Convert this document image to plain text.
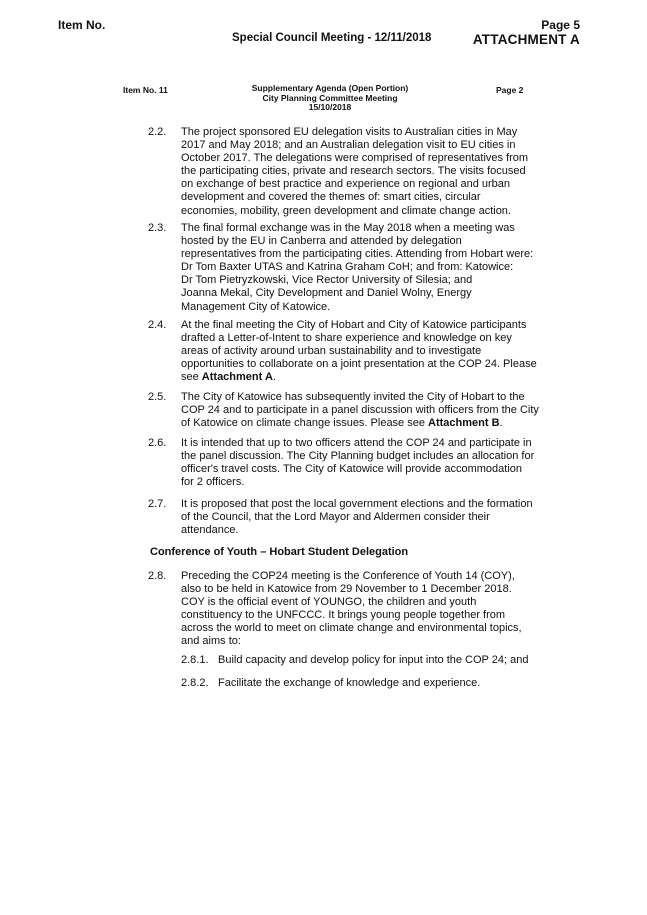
Item No.
Special Council Meeting - 12/11/2018
Page 5
ATTACHMENT A
Item No. 11	Supplementary Agenda (Open Portion)
City Planning Committee Meeting
15/10/2018
Page 2
2.2. The project sponsored EU delegation visits to Australian cities in May
2017 and May 2018; and an Australian delegation visit to EU cities in
October 2017. The delegations were comprised of representatives from
the participating cities, private and research sectors. The visits focused
on exchange of best practice and experience on regional and urban
development and covered the themes of: smart cities, circular
economies, mobility, green development and climate change action.
2.3. The final formal exchange was in the May 2018 when a meeting was
hosted by the EU in Canberra and attended by delegation
representatives from the participating cities. Attending from Hobart were:
Dr Tom Baxter UTAS and Katrina Graham CoH; and from: Katowice:
Dr Tom Pietryzkowski, Vice Rector University of Silesia; and
Joanna Mekal, City Development and Daniel Wolny, Energy
Management City of Katowice.
2.4. At the final meeting the City of Hobart and City of Katowice participants
drafted a Letter-of-Intent to share experience and knowledge on key
areas of activity around urban sustainability and to investigate
opportunities to collaborate on a joint presentation at the COP 24. Please
see Attachment A.
2.5. The City of Katowice has subsequently invited the City of Hobart to the
COP 24 and to participate in a panel discussion with officers from the City
of Katowice on climate change issues. Please see Attachment B.
2.6. It is intended that up to two officers attend the COP 24 and participate in
the panel discussion. The City Planning budget includes an allocation for
officer's travel costs. The City of Katowice will provide accommodation
for 2 officers.
2.7. It is proposed that post the local government elections and the formation
of the Council, that the Lord Mayor and Aldermen consider their
attendance.
Conference of Youth – Hobart Student Delegation
2.8. Preceding the COP24 meeting is the Conference of Youth 14 (COY),
also to be held in Katowice from 29 November to 1 December 2018.
COY is the official event of YOUNGO, the children and youth
constituency to the UNFCCC. It brings young people together from
across the world to meet on climate change and environmental topics,
and aims to:
2.8.1. Build capacity and develop policy for input into the COP 24; and
2.8.2. Facilitate the exchange of knowledge and experience.
